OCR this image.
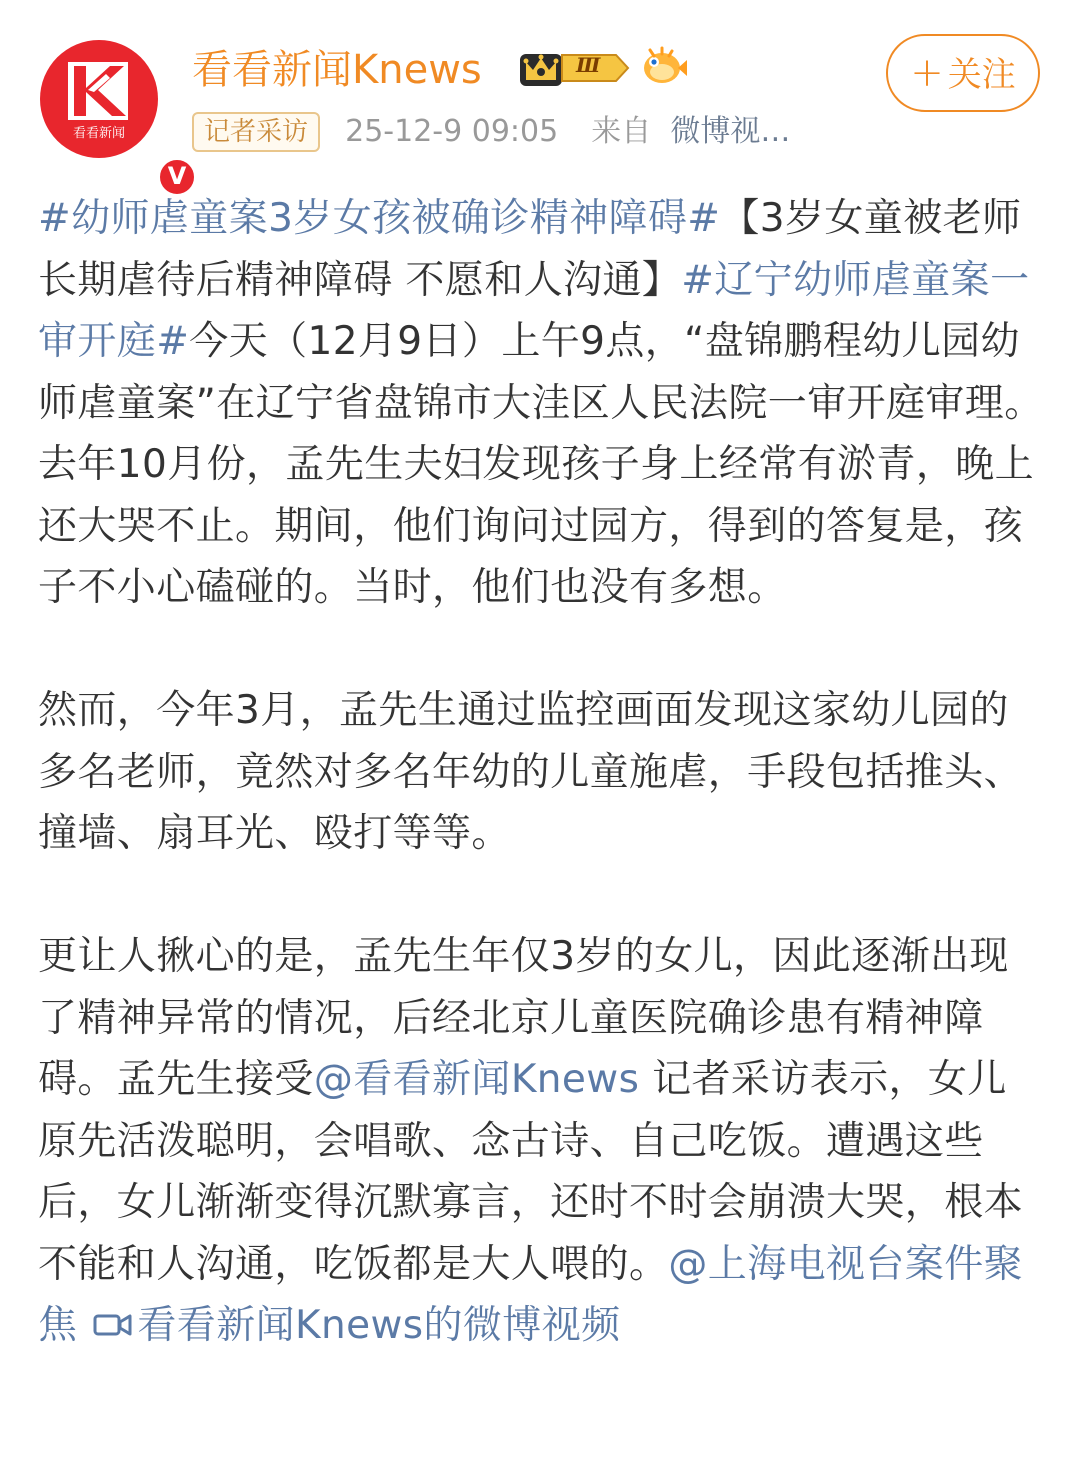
看看新闻
V
看看新闻Knews	Ⅲ
记者采访 25-12-9 09:05 来自 微博视…
+ 关注

#幼师虐童案3岁女孩被确诊精神障碍#【3岁女童被老师长期虐待后精神障碍 不愿和人沟通】#辽宁幼师虐童案一审开庭#今天（12月9日）上午9点，“盘锦鹏程幼儿园幼师虐童案”在辽宁省盘锦市大洼区人民法院一审开庭审理。去年10月份，孟先生夫妇发现孩子身上经常有淤青，晚上还大哭不止。期间，他们询问过园方，得到的答复是，孩子不小心磕碰的。当时，他们也没有多想。

然而，今年3月，孟先生通过监控画面发现这家幼儿园的多名老师，竟然对多名年幼的儿童施虐，手段包括推头、撞墙、扇耳光、殴打等等。

更让人揪心的是，孟先生年仅3岁的女儿，因此逐渐出现了精神异常的情况，后经北京儿童医院确诊患有精神障碍。孟先生接受@看看新闻Knews 记者采访表示，女儿原先活泼聪明，会唱歌、念古诗、自己吃饭。遭遇这些后，女儿渐渐变得沉默寡言，还时不时会崩溃大哭，根本不能和人沟通，吃饭都是大人喂的。@上海电视台案件聚焦 看看新闻Knews的微博视频
